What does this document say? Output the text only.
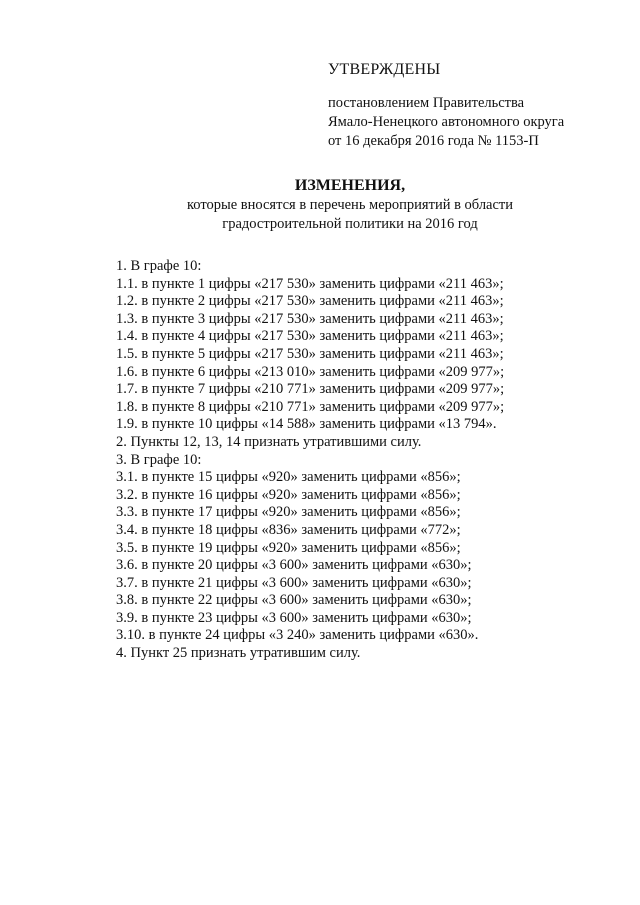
УТВЕРЖДЕНЫ
постановлением Правительства
Ямало-Ненецкого автономного округа
от 16 декабря 2016 года № 1153-П
ИЗМЕНЕНИЯ,
которые вносятся в перечень мероприятий в области
градостроительной политики на 2016 год
1. В графе 10:
1.1. в пункте 1 цифры «217 530» заменить цифрами «211 463»;
1.2. в пункте 2 цифры «217 530» заменить цифрами «211 463»;
1.3. в пункте 3 цифры «217 530» заменить цифрами «211 463»;
1.4. в пункте 4 цифры «217 530» заменить цифрами «211 463»;
1.5. в пункте 5 цифры «217 530» заменить цифрами «211 463»;
1.6. в пункте 6 цифры «213 010» заменить цифрами «209 977»;
1.7. в пункте 7 цифры «210 771» заменить цифрами «209 977»;
1.8. в пункте 8 цифры «210 771» заменить цифрами «209 977»;
1.9. в пункте 10 цифры «14 588» заменить цифрами «13 794».
2. Пункты 12, 13, 14 признать утратившими силу.
3. В графе 10:
3.1. в пункте 15 цифры «920» заменить цифрами «856»;
3.2. в пункте 16 цифры «920» заменить цифрами «856»;
3.3. в пункте 17 цифры «920» заменить цифрами «856»;
3.4. в пункте 18 цифры «836» заменить цифрами «772»;
3.5. в пункте 19 цифры «920» заменить цифрами «856»;
3.6. в пункте 20 цифры «3 600» заменить цифрами «630»;
3.7. в пункте 21 цифры «3 600» заменить цифрами «630»;
3.8. в пункте 22 цифры «3 600» заменить цифрами «630»;
3.9. в пункте 23 цифры «3 600» заменить цифрами «630»;
3.10. в пункте 24 цифры «3 240» заменить цифрами «630».
4. Пункт 25 признать утратившим силу.
